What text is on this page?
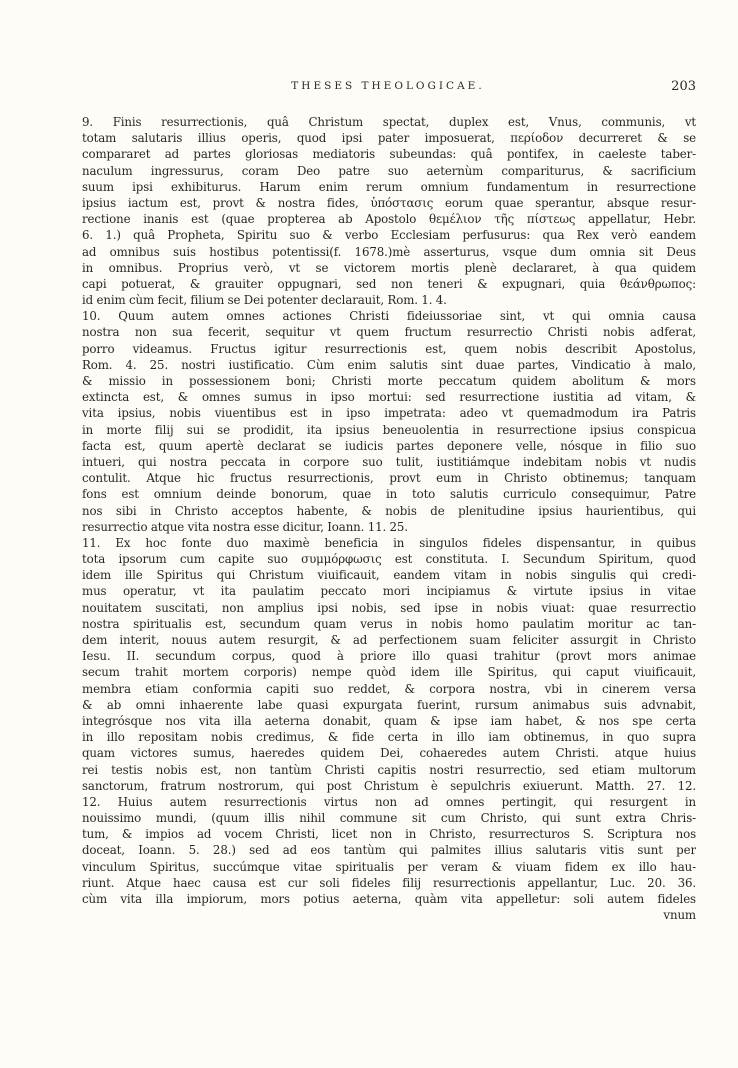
THESES THEOLOGICAE.	203
9. Finis resurrectionis, quâ Christum spectat, duplex est, Vnus, communis, vt
totam salutaris illius operis, quod ipsi pater imposuerat, περίοδον decurreret & se
compararet ad partes gloriosas mediatoris subeundas: quâ pontifex, in caeleste taber-
naculum ingressurus, coram Deo patre suo aeternùm compariturus, & sacrificium
suum ipsi exhibiturus. Harum enim rerum omnium fundamentum in resurrectione
ipsius iactum est, provt & nostra fides, ὑπόστασις eorum quae sperantur, absque resur-
rectione inanis est (quae propterea ab Apostolo θεμέλιον τῆς πίστεως appellatur, Hebr.
6. 1.) quâ Propheta, Spiritu suo & verbo Ecclesiam perfusurus: qua Rex verò eandem
ad omnibus suis hostibus potentissi(f. 1678.)mè asserturus, vsque dum omnia sit Deus
in omnibus. Proprius verò, vt se victorem mortis plenè declararet, à qua quidem
capi potuerat, & grauiter oppugnari, sed non teneri & expugnari, quia θεάνθρωπος:
id enim cùm fecit, filium se Dei potenter declarauit, Rom. 1. 4.
10. Quum autem omnes actiones Christi fideiussoriae sint, vt qui omnia causa
nostra non sua fecerit, sequitur vt quem fructum resurrectio Christi nobis adferat,
porro videamus. Fructus igitur resurrectionis est, quem nobis describit Apostolus,
Rom. 4. 25. nostri iustificatio. Cùm enim salutis sint duae partes, Vindicatio à malo,
& missio in possessionem boni; Christi morte peccatum quidem abolitum & mors
extincta est, & omnes sumus in ipso mortui: sed resurrectione iustitia ad vitam, &
vita ipsius, nobis viuentibus est in ipso impetrata: adeo vt quemadmodum ira Patris
in morte filij sui se prodidit, ita ipsius beneuolentia in resurrectione ipsius conspicua
facta est, quum apertè declarat se iudicis partes deponere velle, nósque in filio suo
intueri, qui nostra peccata in corpore suo tulit, iustitiámque indebitam nobis vt nudis
contulit. Atque hic fructus resurrectionis, provt eum in Christo obtinemus; tanquam
fons est omnium deinde bonorum, quae in toto salutis curriculo consequimur, Patre
nos sibi in Christo acceptos habente, & nobis de plenitudine ipsius haurientibus, qui
resurrectio atque vita nostra esse dicitur, Ioann. 11. 25.
11. Ex hoc fonte duo maximè beneficia in singulos fideles dispensantur, in quibus
tota ipsorum cum capite suo συμμόρφωσις est constituta. I. Secundum Spiritum, quod
idem ille Spiritus qui Christum viuificauit, eandem vitam in nobis singulis qui credi-
mus operatur, vt ita paulatim peccato mori incipiamus & virtute ipsius in vitae
nouitatem suscitati, non amplius ipsi nobis, sed ipse in nobis viuat: quae resurrectio
nostra spiritualis est, secundum quam verus in nobis homo paulatim moritur ac tan-
dem interit, nouus autem resurgit, & ad perfectionem suam feliciter assurgit in Christo
Iesu. II. secundum corpus, quod à priore illo quasi trahitur (provt mors animae
secum trahit mortem corporis) nempe quòd idem ille Spiritus, qui caput viuificauit,
membra etiam conformia capiti suo reddet, & corpora nostra, vbi in cinerem versa
& ab omni inhaerente labe quasi expurgata fuerint, rursum animabus suis advnabit,
integrósque nos vita illa aeterna donabit, quam & ipse iam habet, & nos spe certa
in illo repositam nobis credimus, & fide certa in illo iam obtinemus, in quo supra
quam victores sumus, haeredes quidem Dei, cohaeredes autem Christi. atque huius
rei testis nobis est, non tantùm Christi capitis nostri resurrectio, sed etiam multorum
sanctorum, fratrum nostrorum, qui post Christum è sepulchris exiuerunt. Matth. 27. 12.
12. Huius autem resurrectionis virtus non ad omnes pertingit, qui resurgent in
nouissimo mundi, (quum illis nihil commune sit cum Christo, qui sunt extra Chris-
tum, & impios ad vocem Christi, licet non in Christo, resurrecturos S. Scriptura nos
doceat, Ioann. 5. 28.) sed ad eos tantùm qui palmites illius salutaris vitis sunt per
vinculum Spiritus, succúmque vitae spiritualis per veram & viuam fidem ex illo hau-
riunt. Atque haec causa est cur soli fideles filij resurrectionis appellantur, Luc. 20. 36.
cùm vita illa impiorum, mors potius aeterna, quàm vita appelletur: soli autem fideles
vnum
